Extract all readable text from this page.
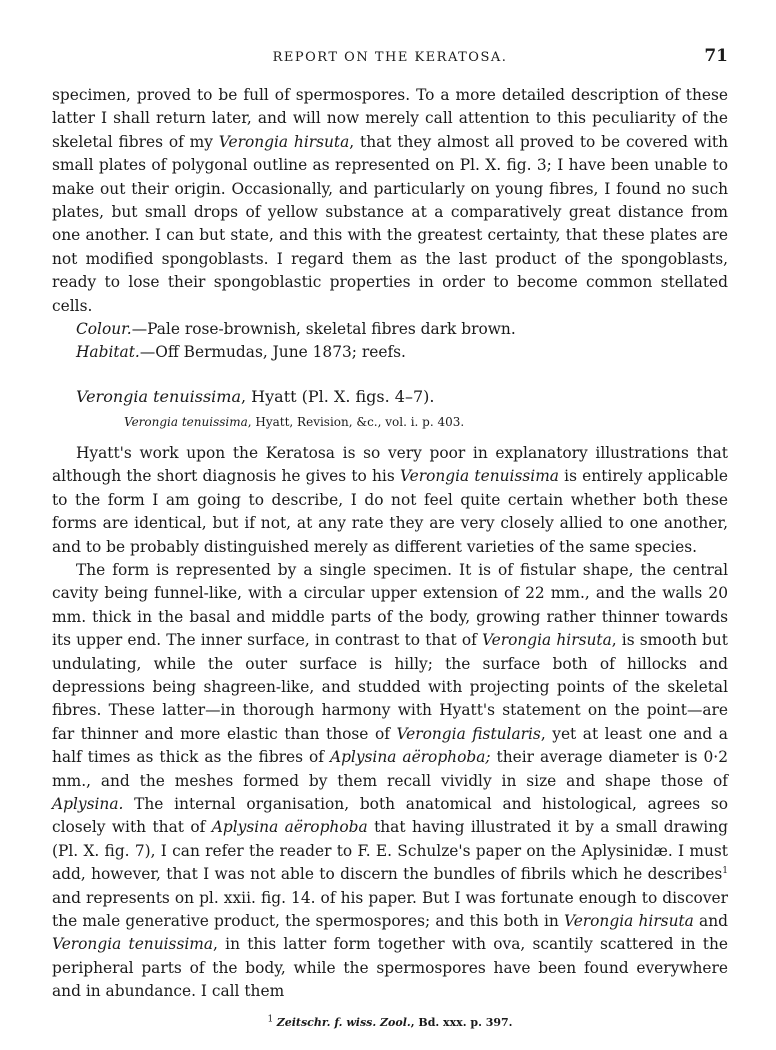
REPORT ON THE KERATOSA.	71

specimen, proved to be full of spermospores. To a more detailed description of these latter I shall return later, and will now merely call attention to this peculiarity of the skeletal fibres of my Verongia hirsuta, that they almost all proved to be covered with small plates of polygonal outline as represented on Pl. X. fig. 3; I have been unable to make out their origin. Occasionally, and particularly on young fibres, I found no such plates, but small drops of yellow substance at a comparatively great distance from one another. I can but state, and this with the greatest certainty, that these plates are not modified spongoblasts. I regard them as the last product of the spongoblasts, ready to lose their spongoblastic properties in order to become common stellated cells.

Colour.—Pale rose-brownish, skeletal fibres dark brown.

Habitat.—Off Bermudas, June 1873; reefs.

Verongia tenuissima, Hyatt (Pl. X. figs. 4–7).
Verongia tenuissima, Hyatt, Revision, &c., vol. i. p. 403.

Hyatt's work upon the Keratosa is so very poor in explanatory illustrations that although the short diagnosis he gives to his Verongia tenuissima is entirely applicable to the form I am going to describe, I do not feel quite certain whether both these forms are identical, but if not, at any rate they are very closely allied to one another, and to be probably distinguished merely as different varieties of the same species.

The form is represented by a single specimen. It is of fistular shape, the central cavity being funnel-like, with a circular upper extension of 22 mm., and the walls 20 mm. thick in the basal and middle parts of the body, growing rather thinner towards its upper end. The inner surface, in contrast to that of Verongia hirsuta, is smooth but undulating, while the outer surface is hilly; the surface both of hillocks and depressions being shagreen-like, and studded with projecting points of the skeletal fibres. These latter—in thorough harmony with Hyatt's statement on the point—are far thinner and more elastic than those of Verongia fistularis, yet at least one and a half times as thick as the fibres of Aplysina aërophoba; their average diameter is 0·2 mm., and the meshes formed by them recall vividly in size and shape those of Aplysina. The internal organisation, both anatomical and histological, agrees so closely with that of Aplysina aërophoba that having illustrated it by a small drawing (Pl. X. fig. 7), I can refer the reader to F. E. Schulze's paper on the Aplysinidæ. I must add, however, that I was not able to discern the bundles of fibrils which he describes$^1$ and represents on pl. xxii. fig. 14. of his paper. But I was fortunate enough to discover the male generative product, the spermospores; and this both in Verongia hirsuta and Verongia tenuissima, in this latter form together with ova, scantily scattered in the peripheral parts of the body, while the spermospores have been found everywhere and in abundance. I call them

$^1$ Zeitschr. f. wiss. Zool., Bd. xxx. p. 397.
